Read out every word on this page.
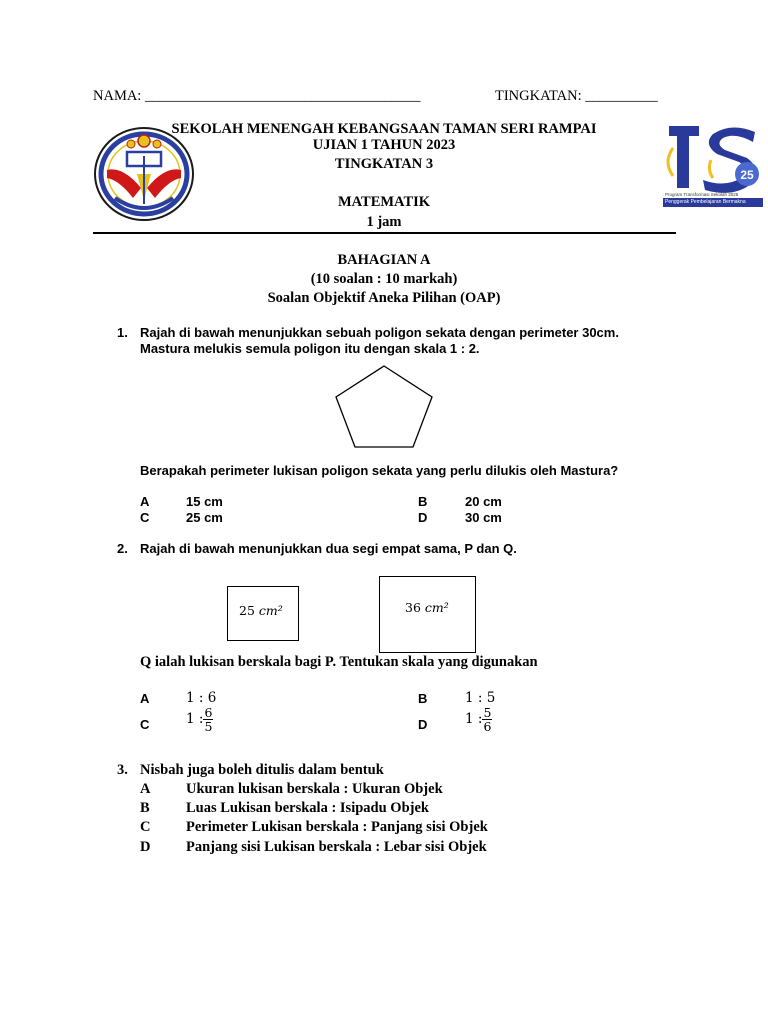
NAMA: ______________________________________	TINGKATAN: __________
SEKOLAH MENENGAH KEBANGSAAN TAMAN SERI RAMPAI
UJIAN 1 TAHUN 2023
TINGKATAN 3
MATEMATIK
1 jam
25
Program Transformasi Sekolah 2025
Penggerak Pembelajaran Bermakna
BAHAGIAN A
(10 soalan : 10 markah)
Soalan Objektif Aneka Pilihan (OAP)
1. Rajah di bawah menunjukkan sebuah poligon sekata dengan perimeter 30cm.
Mastura melukis semula poligon itu dengan skala 1 : 2.
Berapakah perimeter lukisan poligon sekata yang perlu dilukis oleh Mastura?
A	15 cm	B	20 cm
C	25 cm	D	30 cm
2. Rajah di bawah menunjukkan dua segi empat sama, P dan Q.
25 cm²	36 cm²
Q ialah lukisan berskala bagi P. Tentukan skala yang digunakan
A	1 : 6	B	1 : 5
C	1 : $\frac{6}{5}$	D	1 : $\frac{5}{6}$
3. Nisbah juga boleh ditulis dalam bentuk
A Ukuran lukisan berskala : Ukuran Objek
B	Luas Lukisan berskala : Isipadu Objek
C Perimeter Lukisan berskala : Panjang sisi Objek
D Panjang sisi Lukisan berskala : Lebar sisi Objek
